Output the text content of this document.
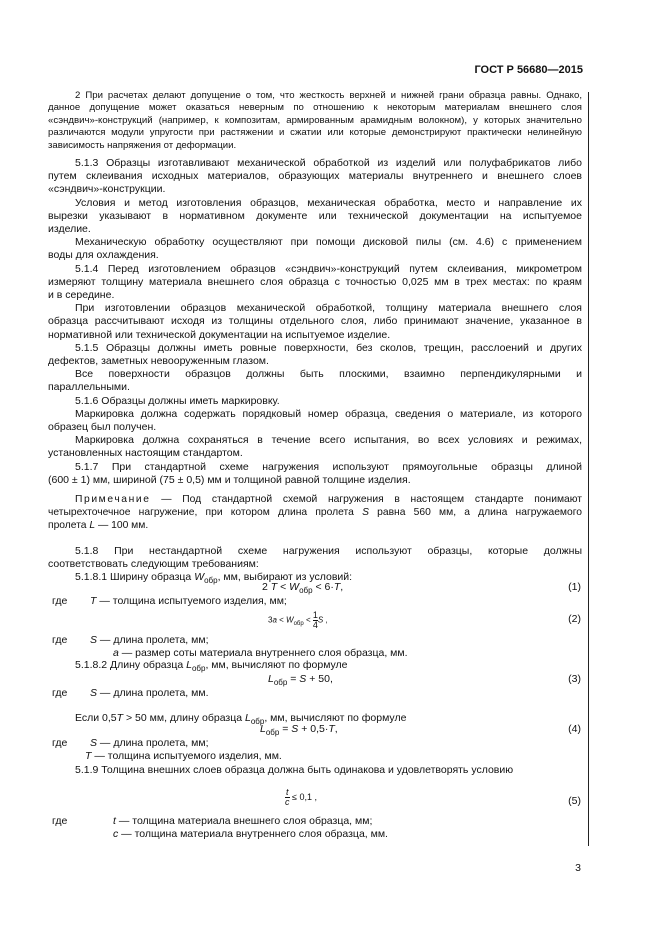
ГОСТ Р 56680—2015
2 При расчетах делают допущение о том, что жесткость верхней и нижней грани образца равны. Однако,
данное допущение может оказаться неверным по отношению к некоторым материалам внешнего слоя
«сэндвич»-конструкций (например, к композитам, армированным арамидным волокном), у которых значительно
различаются модули упругости при растяжении и сжатии или которые демонстрируют практически нелинейную
зависимость напряжения от деформации.
5.1.3 Образцы изготавливают механической обработкой из изделий или полуфабрикатов либо
путем склеивания исходных материалов, образующих материалы внутреннего и внешнего слоев
«сэндвич»-конструкции.
Условия и метод изготовления образцов, механическая обработка, место и направление их
вырезки указывают в нормативном документе или технической документации на испытуемое
изделие.
Механическую обработку осуществляют при помощи дисковой пилы (см. 4.6) с применением
воды для охлаждения.
5.1.4 Перед изготовлением образцов «сэндвич»-конструкций путем склеивания, микрометром
измеряют толщину материала внешнего слоя образца с точностью 0,025 мм в трех местах: по краям
и в середине.
При изготовлении образцов механической обработкой, толщину материала внешнего слоя
образца рассчитывают исходя из толщины отдельного слоя, либо принимают значение, указанное в
нормативной или технической документации на испытуемое изделие.
5.1.5 Образцы должны иметь ровные поверхности, без сколов, трещин, расслоений и других
дефектов, заметных невооруженным глазом.
Все поверхности образцов должны быть плоскими, взаимно перпендикулярными и
параллельными.
5.1.6 Образцы должны иметь маркировку.
Маркировка должна содержать порядковый номер образца, сведения о материале, из которого
образец был получен.
Маркировка должна сохраняться в течение всего испытания, во всех условиях и режимах,
установленных настоящим стандартом.
5.1.7 При стандартной схеме нагружения используют прямоугольные образцы длиной
(600 ± 1) мм, шириной (75 ± 0,5) мм и толщиной равной толщине изделия.
Примечание — Под стандартной схемой нагружения в настоящем стандарте понимают
четырехточечное нагружение, при котором длина пролета S равна 560 мм, а длина нагружаемого
пролета L — 100 мм.
5.1.8 При нестандартной схеме нагружения используют образцы, которые должны
соответствовать следующим требованиям:
5.1.8.1 Ширину образца $W_{обр}$, мм, выбирают из условий:
2 $T < W_{обр} < 6\cdot T$,	(1)
где T — толщина испытуемого изделия, мм;
$3a < W_{обр} < \frac{1}{4}$ S ,	(2)
где S — длина пролета, мм;
a — размер соты материала внутреннего слоя образца, мм.
5.1.8.2 Длину образца $L_{обр}$, мм, вычисляют по формуле
$L_{обр} = S + 50$,	(3)
где S — длина пролета, мм.
Если 0,5T > 50 мм, длину образца $L_{обр}$, мм, вычисляют по формуле
$L_{обр} = S + 0,5\cdot T$,	(4)
где S — длина пролета, мм;
T — толщина испытуемого изделия, мм.
5.1.9 Толщина внешних слоев образца должна быть одинакова и удовлетворять условию
$\frac{t}{c} \le 0,1$ ,	(5)
где	t — толщина материала внешнего слоя образца, мм;
c — толщина материала внутреннего слоя образца, мм.
3
